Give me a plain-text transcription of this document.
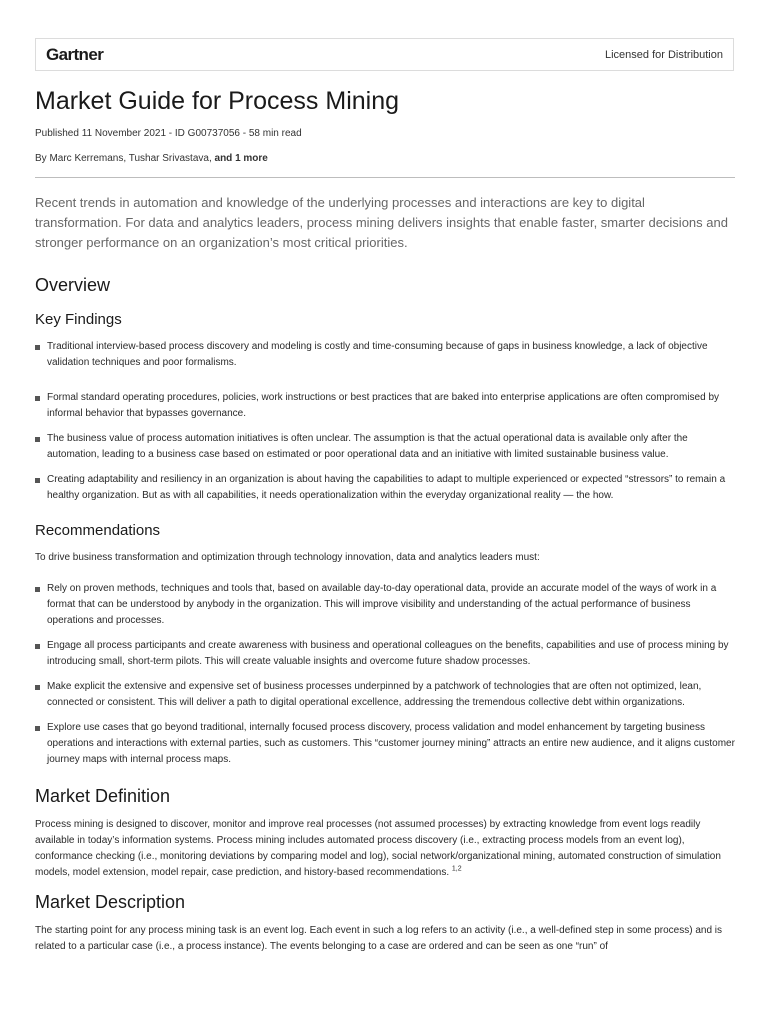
Gartner	Licensed for Distribution
Market Guide for Process Mining
Published 11 November 2021 - ID G00737056 - 58 min read
By Marc Kerremans, Tushar Srivastava, and 1 more
Recent trends in automation and knowledge of the underlying processes and interactions are key to digital transformation. For data and analytics leaders, process mining delivers insights that enable faster, smarter decisions and stronger performance on an organization’s most critical priorities.
Overview
Key Findings
Traditional interview-based process discovery and modeling is costly and time-consuming because of gaps in business knowledge, a lack of objective validation techniques and poor formalisms.
Formal standard operating procedures, policies, work instructions or best practices that are baked into enterprise applications are often compromised by informal behavior that bypasses governance.
The business value of process automation initiatives is often unclear. The assumption is that the actual operational data is available only after the automation, leading to a business case based on estimated or poor operational data and an initiative with limited sustainable business value.
Creating adaptability and resiliency in an organization is about having the capabilities to adapt to multiple experienced or expected “stressors” to remain a healthy organization. But as with all capabilities, it needs operationalization within the everyday organizational reality — the how.
Recommendations
To drive business transformation and optimization through technology innovation, data and analytics leaders must:
Rely on proven methods, techniques and tools that, based on available day-to-day operational data, provide an accurate model of the ways of work in a format that can be understood by anybody in the organization. This will improve visibility and understanding of the actual performance of business operations and processes.
Engage all process participants and create awareness with business and operational colleagues on the benefits, capabilities and use of process mining by introducing small, short-term pilots. This will create valuable insights and overcome future shadow processes.
Make explicit the extensive and expensive set of business processes underpinned by a patchwork of technologies that are often not optimized, lean, connected or consistent. This will deliver a path to digital operational excellence, addressing the tremendous collective debt within organizations.
Explore use cases that go beyond traditional, internally focused process discovery, process validation and model enhancement by targeting business operations and interactions with external parties, such as customers. This “customer journey mining” attracts an entire new audience, and it aligns customer journey maps with internal process maps.
Market Definition
Process mining is designed to discover, monitor and improve real processes (not assumed processes) by extracting knowledge from event logs readily available in today’s information systems. Process mining includes automated process discovery (i.e., extracting process models from an event log), conformance checking (i.e., monitoring deviations by comparing model and log), social network/organizational mining, automated construction of simulation models, model extension, model repair, case prediction, and history-based recommendations. $^{1,2}$
Market Description
The starting point for any process mining task is an event log. Each event in such a log refers to an activity (i.e., a well-defined step in some process) and is related to a particular case (i.e., a process instance). The events belonging to a case are ordered and can be seen as one “run” of
